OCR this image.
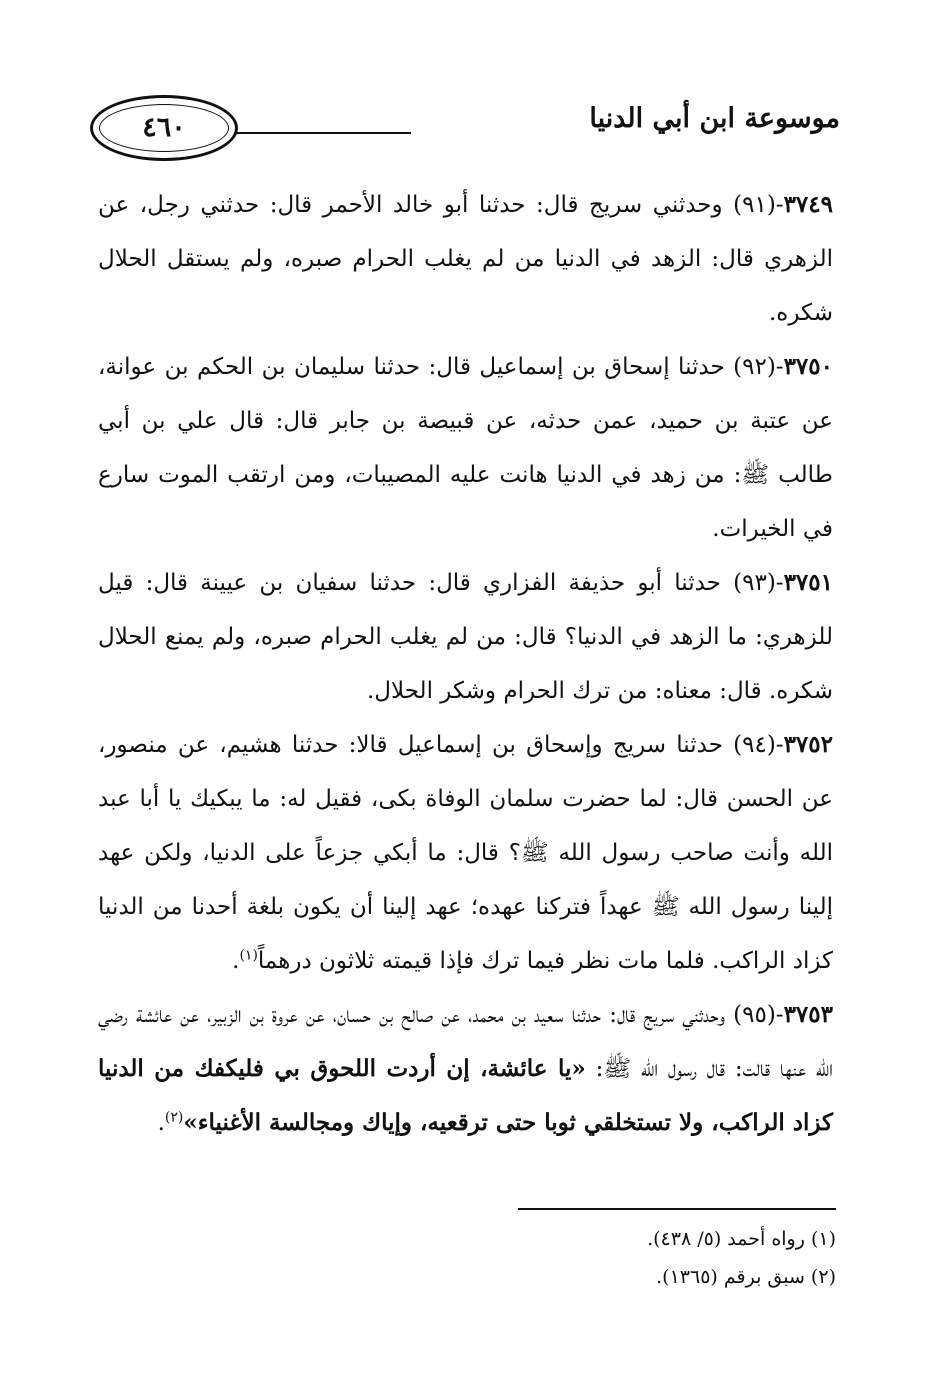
٤٦٠	موسوعة ابن أبي الدنيا

٣٧٤٩-(٩١) وحدثني سريج قال: حدثنا أبو خالد الأحمر قال: حدثني رجل، عن الزهري قال: الزهد في الدنيا من لم يغلب الحرام صبره، ولم يستقل الحلال شكره.

٣٧٥٠-(٩٢) حدثنا إسحاق بن إسماعيل قال: حدثنا سليمان بن الحكم بن عوانة، عن عتبة بن حميد، عمن حدثه، عن قبيصة بن جابر قال: قال علي بن أبي طالب ﷺ: من زهد في الدنيا هانت عليه المصيبات، ومن ارتقب الموت سارع في الخيرات.

٣٧٥١-(٩٣) حدثنا أبو حذيفة الفزاري قال: حدثنا سفيان بن عيينة قال: قيل للزهري: ما الزهد في الدنيا؟ قال: من لم يغلب الحرام صبره، ولم يمنع الحلال شكره. قال: معناه: من ترك الحرام وشكر الحلال.

٣٧٥٢-(٩٤) حدثنا سريج وإسحاق بن إسماعيل قالا: حدثنا هشيم، عن منصور، عن الحسن قال: لما حضرت سلمان الوفاة بكى، فقيل له: ما يبكيك يا أبا عبد الله وأنت صاحب رسول الله ﷺ؟ قال: ما أبكي جزعاً على الدنيا، ولكن عهد إلينا رسول الله ﷺ عهداً فتركنا عهده؛ عهد إلينا أن يكون بلغة أحدنا من الدنيا كزاد الراكب. فلما مات نظر فيما ترك فإذا قيمته ثلاثون درهماً$^{(١)}$.

٣٧٥٣-(٩٥) وحدثني سريج قال: حدثنا سعيد بن محمد، عن صالح بن حسان، عن عروة بن الزبير، عن عائشة رضي الله عنها قالت: قال رسول الله ﷺ: «يا عائشة، إن أردت اللحوق بي فليكفك من الدنيا كزاد الراكب، ولا تستخلقي ثوبا حتى ترقعيه، وإياك ومجالسة الأغنياء»$^{(٢)}$.

(١) رواه أحمد (٥/ ٤٣٨).

(٢) سبق برقم (١٣٦٥).
